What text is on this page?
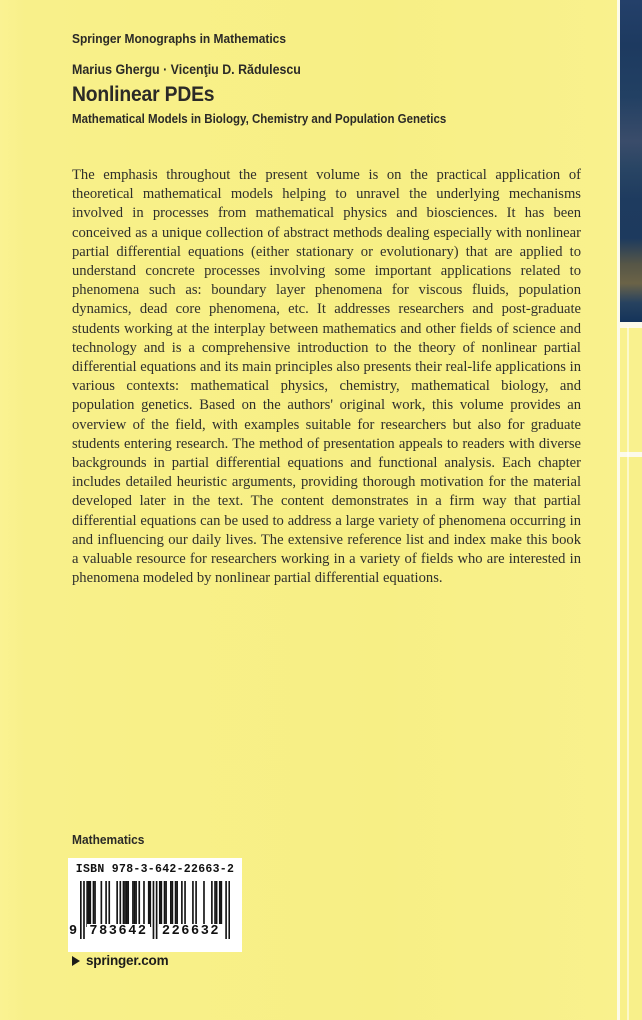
Springer Monographs in Mathematics
Marius Ghergu · Vicenţiu D. Rădulescu
Nonlinear PDEs
Mathematical Models in Biology, Chemistry and Population Genetics
The emphasis throughout the present volume is on the practical application of theoretical mathematical models helping to unravel the underlying mechanisms involved in processes from mathematical physics and biosciences. It has been conceived as a unique collection of abstract methods dealing especially with nonlinear partial differential equations (either stationary or evolutionary) that are applied to understand concrete processes involving some important applications related to phenomena such as: boundary layer phenomena for viscous fluids, population dynamics, dead core phenomena, etc. It addresses researchers and post-graduate students working at the interplay between mathematics and other fields of science and technology and is a comprehensive introduction to the theory of nonlinear partial differential equations and its main principles also presents their real-life applications in various contexts: mathematical physics, chemistry, mathematical biology, and population genetics. Based on the authors' original work, this volume provides an overview of the field, with examples suitable for researchers but also for graduate students entering research. The method of presentation appeals to readers with diverse backgrounds in partial differential equations and functional analysis. Each chapter includes detailed heuristic arguments, providing thorough motivation for the material developed later in the text. The content demonstrates in a firm way that partial differential equations can be used to address a large variety of phenomena occurring in and influencing our daily lives. The extensive reference list and index make this book a valuable resource for researchers working in a variety of fields who are interested in phenomena modeled by nonlinear partial differential equations.
Mathematics
ISBN 978-3-642-22663-2
9 783642 226632
springer.com
